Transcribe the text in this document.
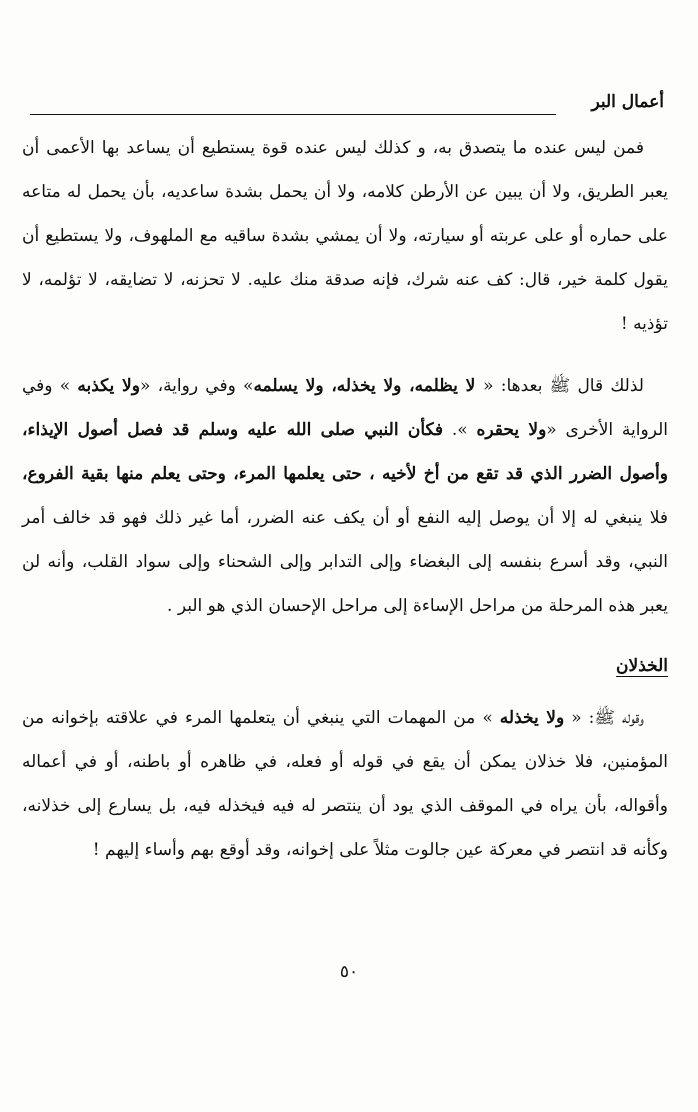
أعمال البر

فمن ليس عنده ما يتصدق به، و كذلك ليس عنده قوة يستطيع أن يساعد بها الأعمى أن يعبر الطريق، ولا أن يبين عن الأرطن كلامه، ولا أن يحمل بشدة ساعديه، بأن يحمل له متاعه على حماره أو على عربته أو سيارته، ولا أن يمشي بشدة ساقيه مع الملهوف، ولا يستطيع أن يقول كلمة خير، قال: كف عنه شرك، فإنه صدقة منك عليه. لا تحزنه، لا تضايقه، لا تؤلمه، لا تؤذيه !

لذلك قال ﷺ بعدها: « لا يظلمه، ولا يخذله، ولا يسلمه» وفي رواية، «ولا يكذبه » وفي الرواية الأخرى «ولا يحقره ». فكأن النبي صلى الله عليه وسلم قد فصل أصول الإيذاء، وأصول الضرر الذي قد تقع من أخ لأخيه ، حتى يعلمها المرء، وحتى يعلم منها بقية الفروع، فلا ينبغي له إلا أن يوصل إليه النفع أو أن يكف عنه الضرر، أما غير ذلك فهو قد خالف أمر النبي، وقد أسرع بنفسه إلى البغضاء وإلى التدابر وإلى الشحناء وإلى سواد القلب، وأنه لن يعبر هذه المرحلة من مراحل الإساءة إلى مراحل الإحسان الذي هو البر .

الخذلان

وقوله ﷺ: « ولا يخذله » من المهمات التي ينبغي أن يتعلمها المرء في علاقته بإخوانه من المؤمنين، فلا خذلان يمكن أن يقع في قوله أو فعله، في ظاهره أو باطنه، أو في أعماله وأقواله، بأن يراه في الموقف الذي يود أن ينتصر له فيه فيخذله فيه، بل يسارع إلى خذلانه، وكأنه قد انتصر في معركة عين جالوت مثلاً على إخوانه، وقد أوقع بهم وأساء إليهم !

٥٠
